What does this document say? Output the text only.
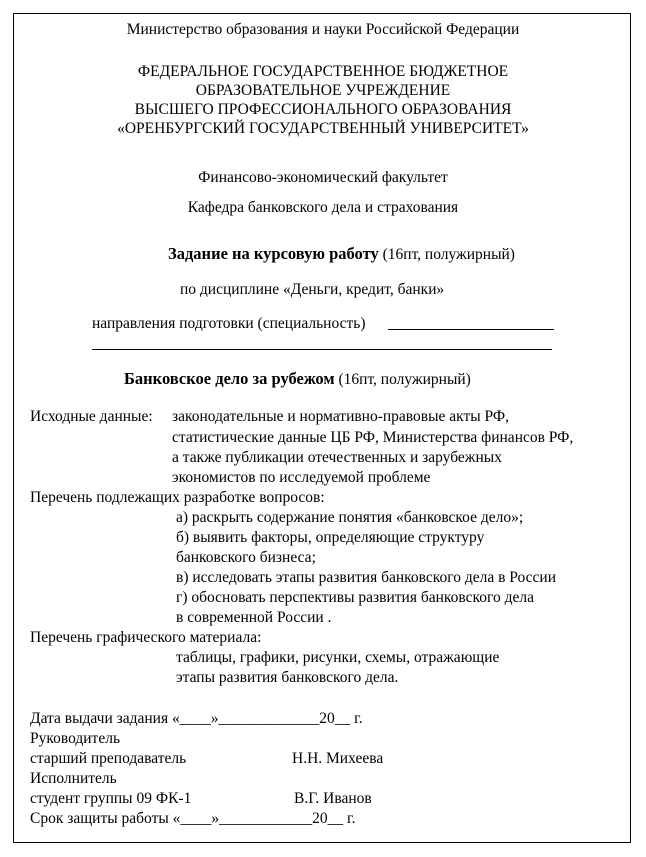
Министерство образования и науки Российской Федерации
ФЕДЕРАЛЬНОЕ ГОСУДАРСТВЕННОЕ БЮДЖЕТНОЕ
ОБРАЗОВАТЕЛЬНОЕ УЧРЕЖДЕНИЕ
ВЫСШЕГО ПРОФЕССИОНАЛЬНОГО ОБРАЗОВАНИЯ
«ОРЕНБУРГСКИЙ ГОСУДАРСТВЕННЫЙ УНИВЕРСИТЕТ»
Финансово-экономический факультет
Кафедра банковского дела и страхования
Задание на курсовую работу (16пт, полужирный)
по дисциплине «Деньги, кредит, банки»
направления подготовки (специальность)
Банковское дело за рубежом (16пт, полужирный)
Исходные данные: законодательные и нормативно-правовые акты РФ,
статистические данные ЦБ РФ, Министерства финансов РФ,
а также публикации отечественных и зарубежных
экономистов по исследуемой проблеме
Перечень подлежащих разработке вопросов:
а) раскрыть содержание понятия «банковское дело»;
б) выявить факторы, определяющие структуру
банковского бизнеса;
в) исследовать этапы развития банковского дела в России
г) обосновать перспективы развития банковского дела
в современной России .
Перечень графического материала:
таблицы, графики, рисунки, схемы, отражающие
этапы развития банковского дела.
Дата выдачи задания «____»_____________20__ г.
Руководитель
старший преподаватель	Н.Н. Михеева
Исполнитель
студент группы 09 ФК-1	В.Г. Иванов
Срок защиты работы «____»____________20__ г.
